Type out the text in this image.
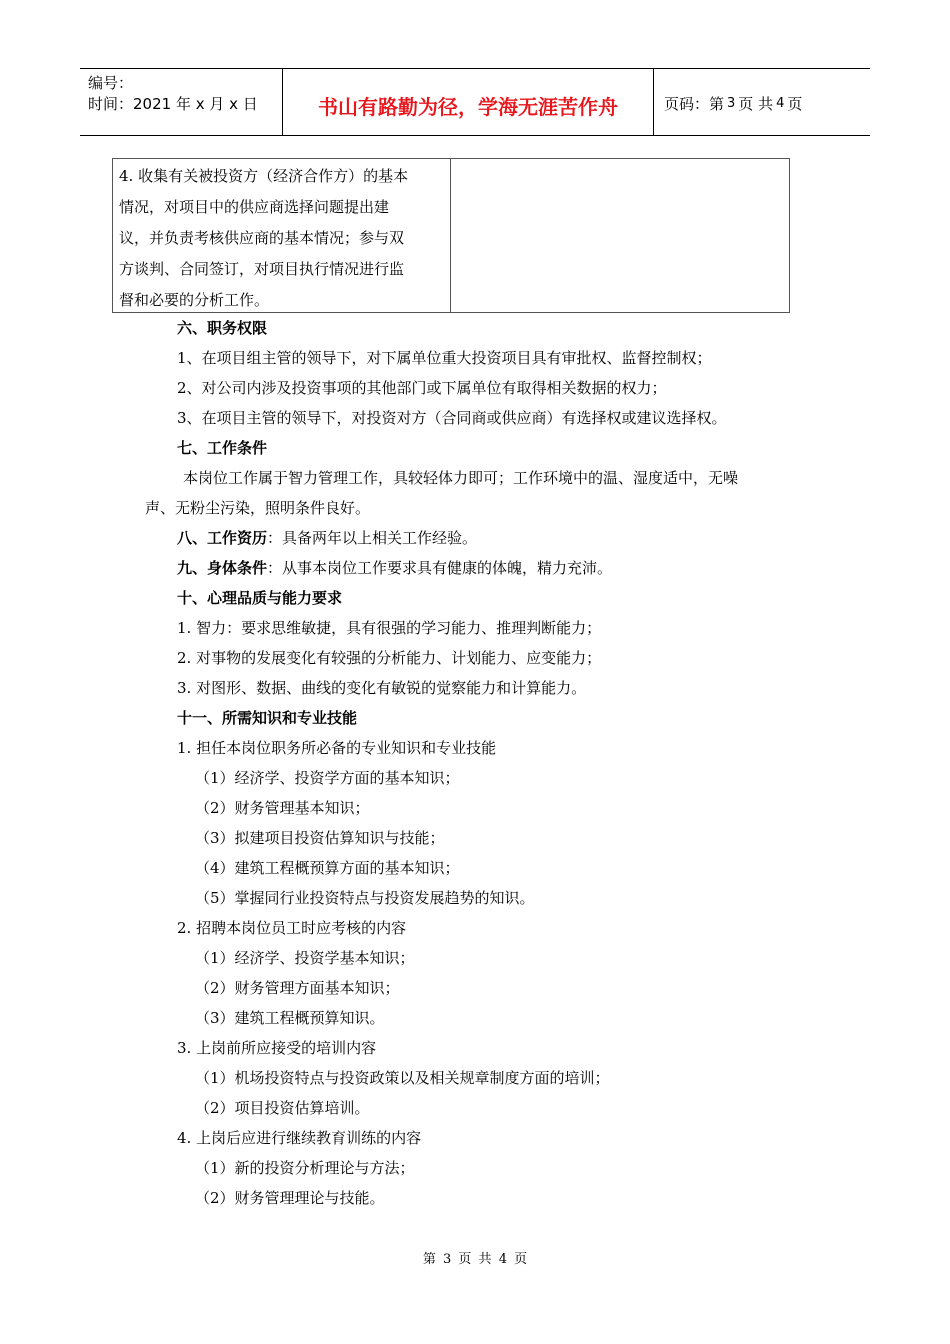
编号：
时间：2021 年 x 月 x 日	书山有路勤为径，学海无涯苦作舟	页码：第 3 页 共 4 页
4. 收集有关被投资方（经济合作方）的基本
情况，对项目中的供应商选择问题提出建
议，并负责考核供应商的基本情况；参与双
方谈判、合同签订，对项目执行情况进行监
督和必要的分析工作。
六、职务权限
1、在项目组主管的领导下，对下属单位重大投资项目具有审批权、监督控制权；
2、对公司内涉及投资事项的其他部门或下属单位有取得相关数据的权力；
3、在项目主管的领导下，对投资对方（合同商或供应商）有选择权或建议选择权。
七、工作条件
本岗位工作属于智力管理工作，具较轻体力即可；工作环境中的温、湿度适中，无噪
声、无粉尘污染，照明条件良好。
八、工作资历：具备两年以上相关工作经验。
九、身体条件：从事本岗位工作要求具有健康的体魄，精力充沛。
十、心理品质与能力要求
1. 智力：要求思维敏捷，具有很强的学习能力、推理判断能力；
2. 对事物的发展变化有较强的分析能力、计划能力、应变能力；
3. 对图形、数据、曲线的变化有敏锐的觉察能力和计算能力。
十一、所需知识和专业技能
1. 担任本岗位职务所必备的专业知识和专业技能
（1）经济学、投资学方面的基本知识；
（2）财务管理基本知识；
（3）拟建项目投资估算知识与技能；
（4）建筑工程概预算方面的基本知识；
（5）掌握同行业投资特点与投资发展趋势的知识。
2. 招聘本岗位员工时应考核的内容
（1）经济学、投资学基本知识；
（2）财务管理方面基本知识；
（3）建筑工程概预算知识。
3. 上岗前所应接受的培训内容
（1）机场投资特点与投资政策以及相关规章制度方面的培训；
（2）项目投资估算培训。
4. 上岗后应进行继续教育训练的内容
（1）新的投资分析理论与方法；
（2）财务管理理论与技能。
第 3 页 共 4 页
